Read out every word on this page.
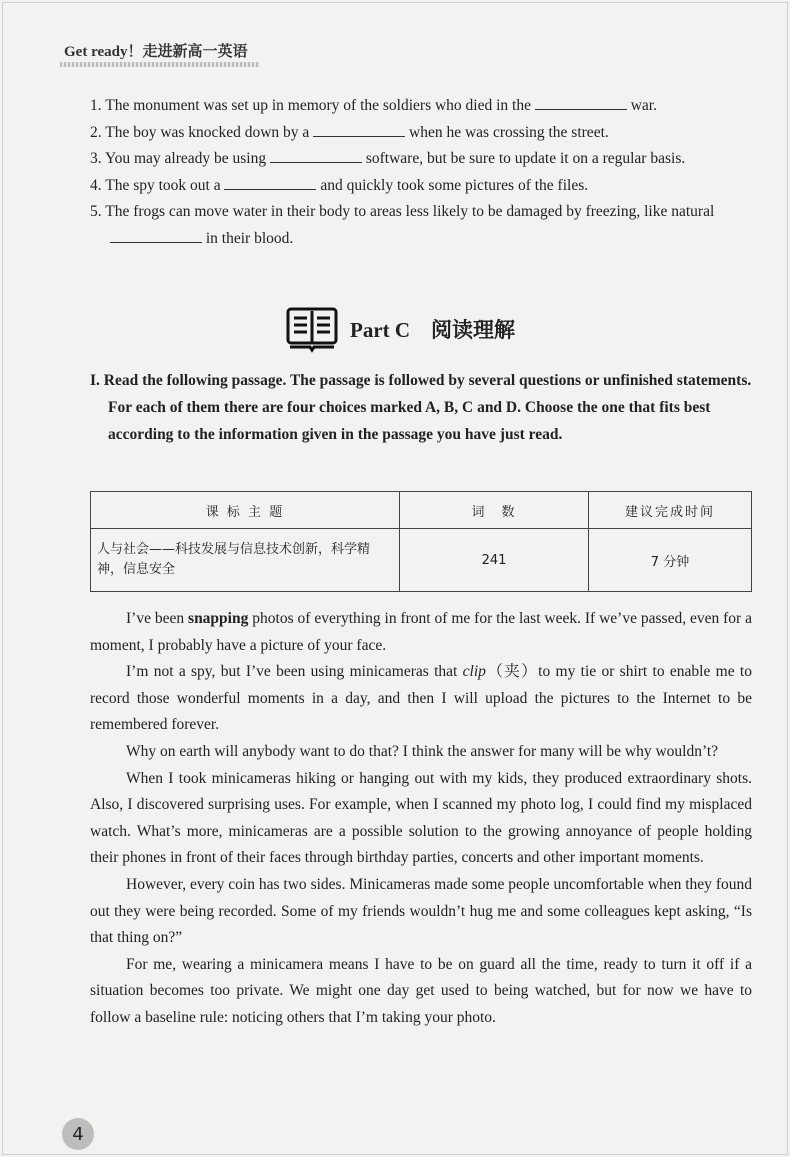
Get ready！走进新高一英语
1. The monument was set up in memory of the soldiers who died in the	war.
2. The boy was knocked down by a	when he was crossing the street.
3. You may already be using	software, but be sure to update it on a regular basis.
4. The spy took out a	and quickly took some pictures of the files.
5. The frogs can move water in their body to areas less likely to be damaged by freezing, like natural  in their blood.
Part C　阅读理解
I. Read the following passage. The passage is followed by several questions or unfinished statements. For each of them there are four choices marked A, B, C and D. Choose the one that fits best according to the information given in the passage you have just read.
课 标 主 题	词　数	建议完成时间
人与社会——科技发展与信息技术创新，科学精神，信息安全	241	7 分钟

I’ve been snapping photos of everything in front of me for the last week. If we’ve passed, even for a moment, I probably have a picture of your face.

I’m not a spy, but I’ve been using minicameras that clip（夹）to my tie or shirt to enable me to record those wonderful moments in a day, and then I will upload the pictures to the Internet to be remembered forever.

Why on earth will anybody want to do that? I think the answer for many will be why wouldn’t?

When I took minicameras hiking or hanging out with my kids, they produced extraordinary shots. Also, I discovered surprising uses. For example, when I scanned my photo log, I could find my misplaced watch. What’s more, minicameras are a possible solution to the growing annoyance of people holding their phones in front of their faces through birthday parties, concerts and other important moments.

However, every coin has two sides. Minicameras made some people uncomfortable when they found out they were being recorded. Some of my friends wouldn’t hug me and some colleagues kept asking, “Is that thing on?”

For me, wearing a minicamera means I have to be on guard all the time, ready to turn it off if a situation becomes too private. We might one day get used to being watched, but for now we have to follow a baseline rule: noticing others that I’m taking your photo.

4
